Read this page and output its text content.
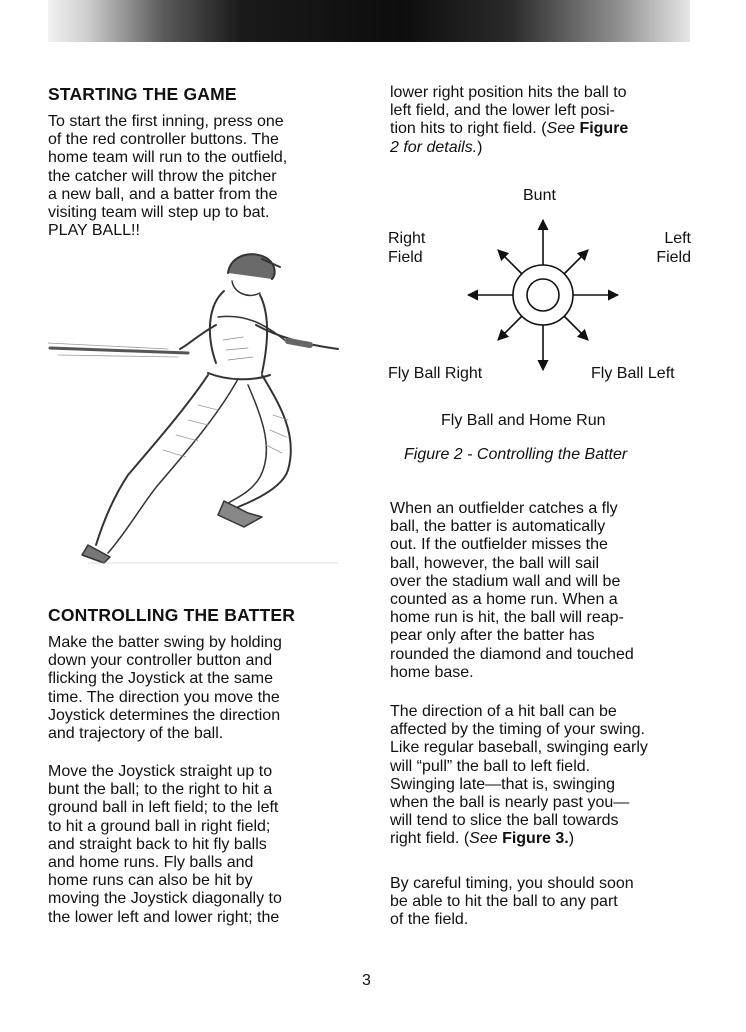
STARTING THE GAME

To start the first inning, press one
of the red controller buttons. The
home team will run to the outfield,
the catcher will throw the pitcher
a new ball, and a batter from the
visiting team will step up to bat.
PLAY BALL!!

CONTROLLING THE BATTER

Make the batter swing by holding
down your controller button and
flicking the Joystick at the same
time. The direction you move the
Joystick determines the direction
and trajectory of the ball.

Move the Joystick straight up to
bunt the ball; to the right to hit a
ground ball in left field; to the left
to hit a ground ball in right field;
and straight back to hit fly balls
and home runs. Fly balls and
home runs can also be hit by
moving the Joystick diagonally to
the lower left and lower right; the

lower right position hits the ball to
left field, and the lower left posi-
tion hits to right field. (See Figure
2 for details.)

Bunt
Right
Field
Left
Field
Fly Ball Right	Fly Ball Left
Fly Ball and Home Run
Figure 2 - Controlling the Batter

When an outfielder catches a fly
ball, the batter is automatically
out. If the outfielder misses the
ball, however, the ball will sail
over the stadium wall and will be
counted as a home run. When a
home run is hit, the ball will reap-
pear only after the batter has
rounded the diamond and touched
home base.

The direction of a hit ball can be
affected by the timing of your swing.
Like regular baseball, swinging early
will “pull” the ball to left field.
Swinging late—that is, swinging
when the ball is nearly past you—
will tend to slice the ball towards
right field. (See Figure 3.)

By careful timing, you should soon
be able to hit the ball to any part
of the field.

3
